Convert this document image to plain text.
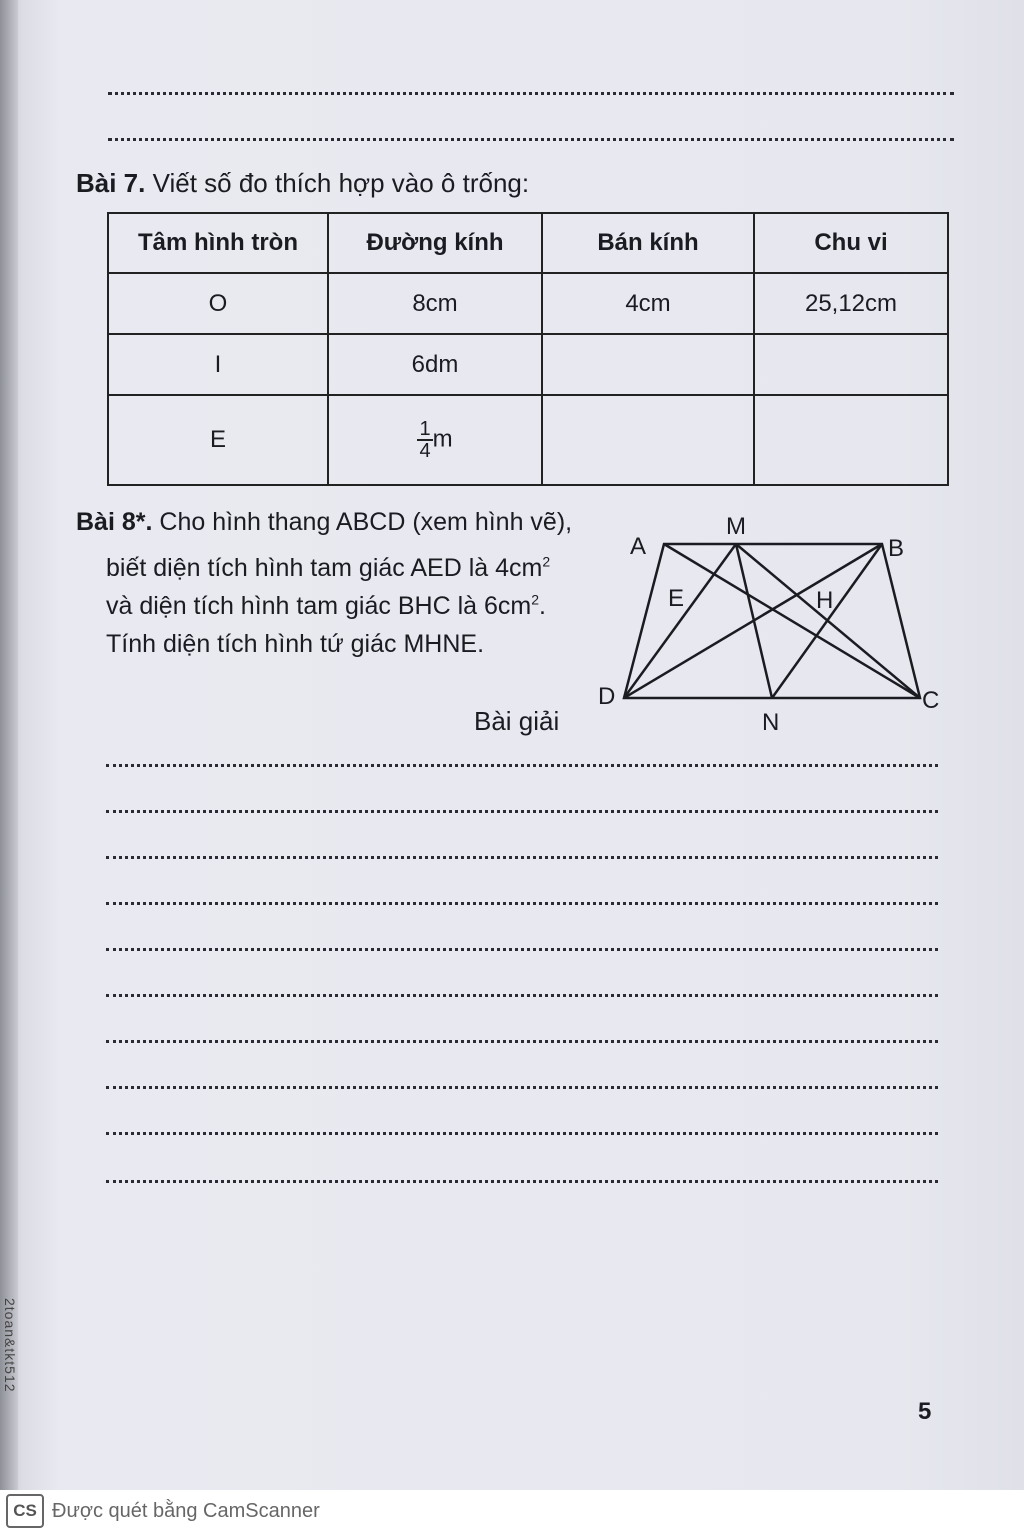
2toan&tkt512
Bài 7. Viết số đo thích hợp vào ô trống:
Tâm hình tròn	Đường kính	Bán kính	Chu vi
O	8cm	4cm	25,12cm
I	6dm		
E	$\frac{1}{4}$ m		
Bài 8*. Cho hình thang ABCD (xem hình vẽ),
biết diện tích hình tam giác AED là $4cm^2$
và diện tích hình tam giác BHC là $6cm^2$.
Tính diện tích hình tứ giác MHNE.
A
M
B
E	H
D
N
C
Bài giải
5
CS Được quét bằng CamScanner
